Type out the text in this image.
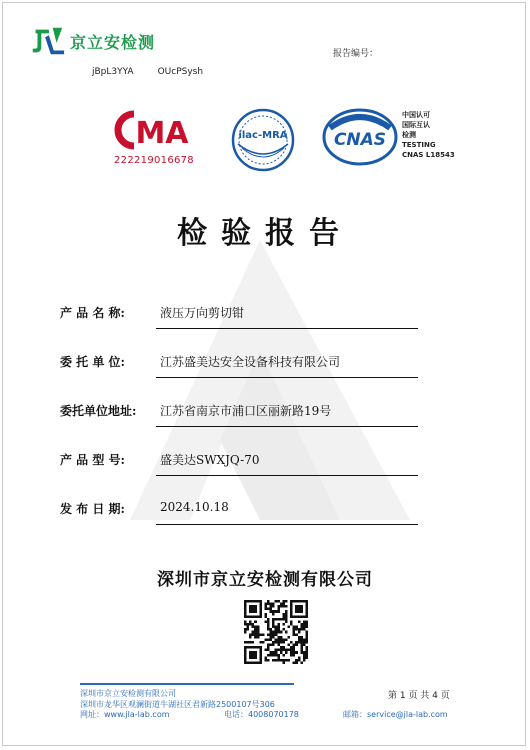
京立安检测
报告编号：
jBpL3YYA	OUcPSysh
MA
222219016678
ilac-MRA	CNAS
中国认可
国际互认
检测
TESTING
CNAS L18543
检验报告
产 品 名 称:	液压万向剪切钳
委 托 单 位:	江苏盛美达安全设备科技有限公司
委托单位地址:	江苏省南京市浦口区丽新路19号
产 品 型 号:	盛美达SWXJQ-70
发 布 日 期:	2024.10.18
深圳市京立安检测有限公司
深圳市京立安检测有限公司
深圳市龙华区观澜街道牛湖社区君新路2500107号306
网址：www.jla-lab.com	电话：4008070178
第 1 页 共 4 页
邮箱：service@jla-lab.com
